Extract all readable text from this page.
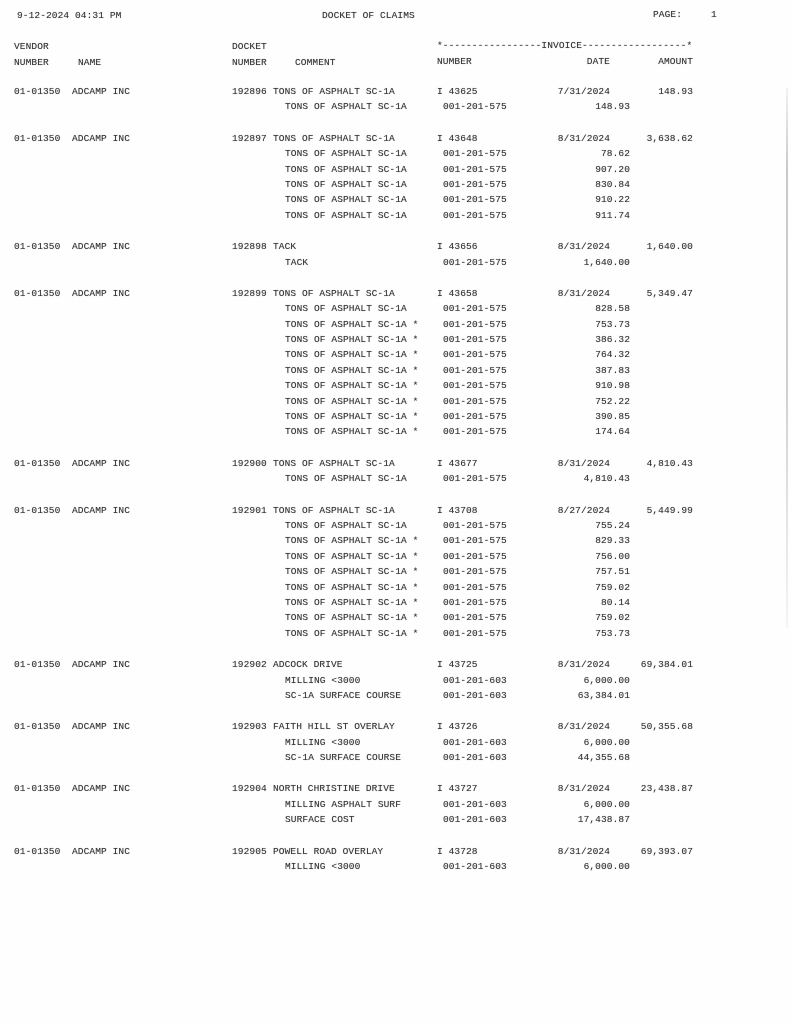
9-12-2024 04:31 PM	DOCKET OF CLAIMS	PAGE:	1
VENDOR	DOCKET	*-----------------INVOICE------------------*
NUMBER	NAME	NUMBER	COMMENT	NUMBER	DATE	AMOUNT
01-01350 ADCAMP INC	192896 TONS OF ASPHALT SC-1A	I 43625	7/31/2024	148.93
TONS OF ASPHALT SC-1A	001-201-575	148.93
01-01350 ADCAMP INC	192897 TONS OF ASPHALT SC-1A	I 43648	8/31/2024	3,638.62
TONS OF ASPHALT SC-1A	001-201-575	78.62
TONS OF ASPHALT SC-1A	001-201-575	907.20
TONS OF ASPHALT SC-1A	001-201-575	830.84
TONS OF ASPHALT SC-1A	001-201-575	910.22
TONS OF ASPHALT SC-1A	001-201-575	911.74
01-01350 ADCAMP INC	192898 TACK	I 43656	8/31/2024	1,640.00
TACK	001-201-575	1,640.00
01-01350 ADCAMP INC	192899 TONS OF ASPHALT SC-1A	I 43658	8/31/2024	5,349.47
TONS OF ASPHALT SC-1A	001-201-575	828.58
TONS OF ASPHALT SC-1A *	001-201-575	753.73
TONS OF ASPHALT SC-1A *	001-201-575	386.32
TONS OF ASPHALT SC-1A *	001-201-575	764.32
TONS OF ASPHALT SC-1A *	001-201-575	387.83
TONS OF ASPHALT SC-1A *	001-201-575	910.98
TONS OF ASPHALT SC-1A *	001-201-575	752.22
TONS OF ASPHALT SC-1A *	001-201-575	390.85
TONS OF ASPHALT SC-1A *	001-201-575	174.64
01-01350 ADCAMP INC	192900 TONS OF ASPHALT SC-1A	I 43677	8/31/2024	4,810.43
TONS OF ASPHALT SC-1A	001-201-575	4,810.43
01-01350 ADCAMP INC	192901 TONS OF ASPHALT SC-1A	I 43708	8/27/2024	5,449.99
TONS OF ASPHALT SC-1A	001-201-575	755.24
TONS OF ASPHALT SC-1A *	001-201-575	829.33
TONS OF ASPHALT SC-1A *	001-201-575	756.00
TONS OF ASPHALT SC-1A *	001-201-575	757.51
TONS OF ASPHALT SC-1A *	001-201-575	759.02
TONS OF ASPHALT SC-1A *	001-201-575	80.14
TONS OF ASPHALT SC-1A *	001-201-575	759.02
TONS OF ASPHALT SC-1A *	001-201-575	753.73
01-01350 ADCAMP INC	192902 ADCOCK DRIVE	I 43725	8/31/2024	69,384.01
MILLING <3000	001-201-603	6,000.00
SC-1A SURFACE COURSE	001-201-603	63,384.01
01-01350 ADCAMP INC	192903 FAITH HILL ST OVERLAY	I 43726	8/31/2024	50,355.68
MILLING <3000	001-201-603	6,000.00
SC-1A SURFACE COURSE	001-201-603	44,355.68
01-01350 ADCAMP INC	192904 NORTH CHRISTINE DRIVE	I 43727	8/31/2024	23,438.87
MILLING ASPHALT SURF	001-201-603	6,000.00
SURFACE COST	001-201-603	17,438.87
01-01350 ADCAMP INC	192905 POWELL ROAD OVERLAY	I 43728	8/31/2024	69,393.07
MILLING <3000	001-201-603	6,000.00
